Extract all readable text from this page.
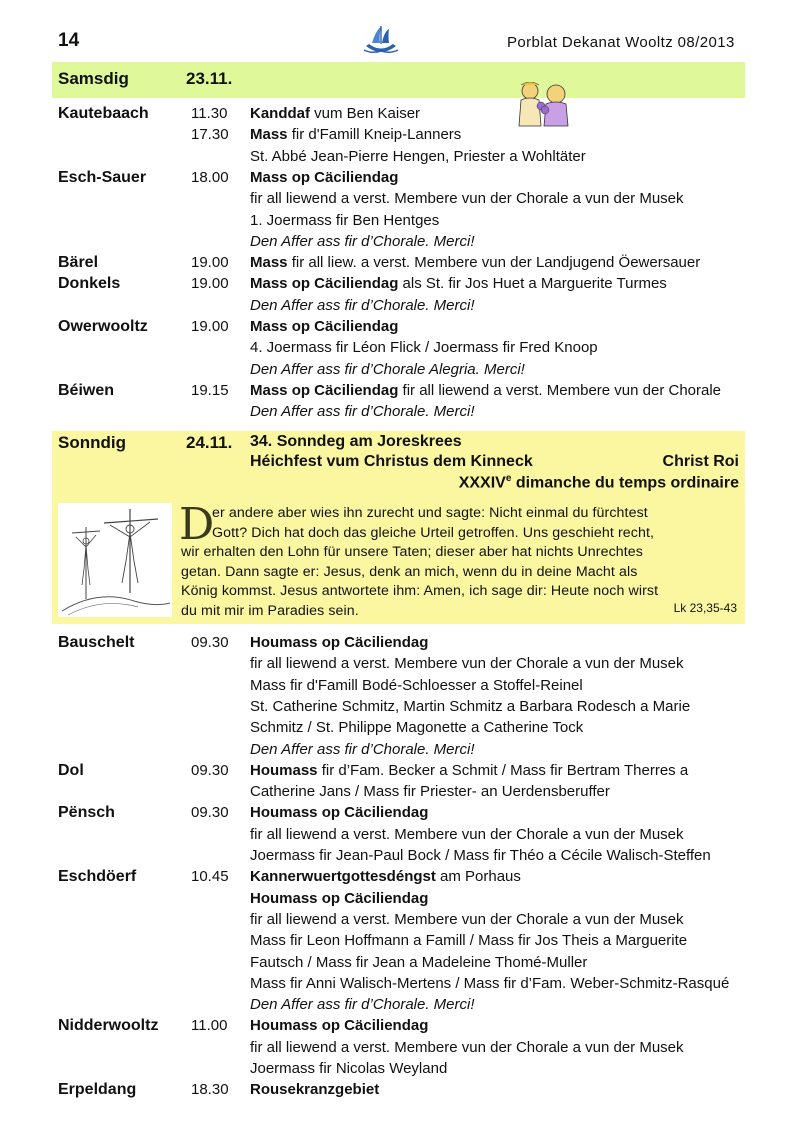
14	Porblat Dekanat Wooltz 08/2013
Samsdig	23.11.
Kautebaach	11.30 Kanddaf vum Ben Kaiser
17.30 Mass fir d'Famill Kneip-Lanners
St. Abbé Jean-Pierre Hengen, Priester a Wohltäter
Esch-Sauer	18.00 Mass op Cäciliendag
fir all liewend a verst. Membere vun der Chorale a vun der Musek
1. Joermass fir Ben Hentges
Den Affer ass fir d’Chorale. Merci!
Bärel	19.00 Mass fir all liew. a verst. Membere vun der Landjugend Öewersauer
Donkels	19.00 Mass op Cäciliendag als St. fir Jos Huet a Marguerite Turmes
Den Affer ass fir d’Chorale. Merci!
Owerwooltz	19.00 Mass op Cäciliendag
4. Joermass fir Léon Flick / Joermass fir Fred Knoop
Den Affer ass fir d’Chorale Alegria. Merci!
Béiwen	19.15 Mass op Cäciliendag fir all liewend a verst. Membere vun der Chorale
Den Affer ass fir d’Chorale. Merci!
Sonndig	24.11. 34. Sonndeg am Joreskrees
Héichfest vum Christus dem Kinneck	Christ Roi
XXXIVe dimanche du temps ordinaire
D
er andere aber wies ihn zurecht und sagte: Nicht einmal du fürchtest
Gott? Dich hat doch das gleiche Urteil getroffen. Uns geschieht recht,
wir erhalten den Lohn für unsere Taten; dieser aber hat nichts Unrechtes
getan. Dann sagte er: Jesus, denk an mich, wenn du in deine Macht als
König kommst. Jesus antwortete ihm: Amen, ich sage dir: Heute noch wirst
du mit mir im Paradies sein.	Lk 23,35-43
Bauschelt	09.30 Houmass op Cäciliendag
fir all liewend a verst. Membere vun der Chorale a vun der Musek
Mass fir d'Famill Bodé-Schloesser a Stoffel-Reinel
St. Catherine Schmitz, Martin Schmitz a Barbara Rodesch a Marie
Schmitz / St. Philippe Magonette a Catherine Tock
Den Affer ass fir d’Chorale. Merci!
Dol	09.30 Houmass fir d’Fam. Becker a Schmit / Mass fir Bertram Therres a
Catherine Jans / Mass fir Priester- an Uerdensberuffer
Pënsch	09.30 Houmass op Cäciliendag
fir all liewend a verst. Membere vun der Chorale a vun der Musek
Joermass fir Jean-Paul Bock / Mass fir Théo a Cécile Walisch-Steffen
Eschdöerf	10.45 Kannerwuertgottesdéngst am Porhaus
Houmass op Cäciliendag
fir all liewend a verst. Membere vun der Chorale a vun der Musek
Mass fir Leon Hoffmann a Famill / Mass fir Jos Theis a Marguerite
Fautsch / Mass fir Jean a Madeleine Thomé-Muller
Mass fir Anni Walisch-Mertens / Mass fir d’Fam. Weber-Schmitz-Rasqué
Den Affer ass fir d’Chorale. Merci!
Nidderwooltz 11.00 Houmass op Cäciliendag
fir all liewend a verst. Membere vun der Chorale a vun der Musek
Joermass fir Nicolas Weyland
Erpeldang	18.30 Rousekranzgebiet
